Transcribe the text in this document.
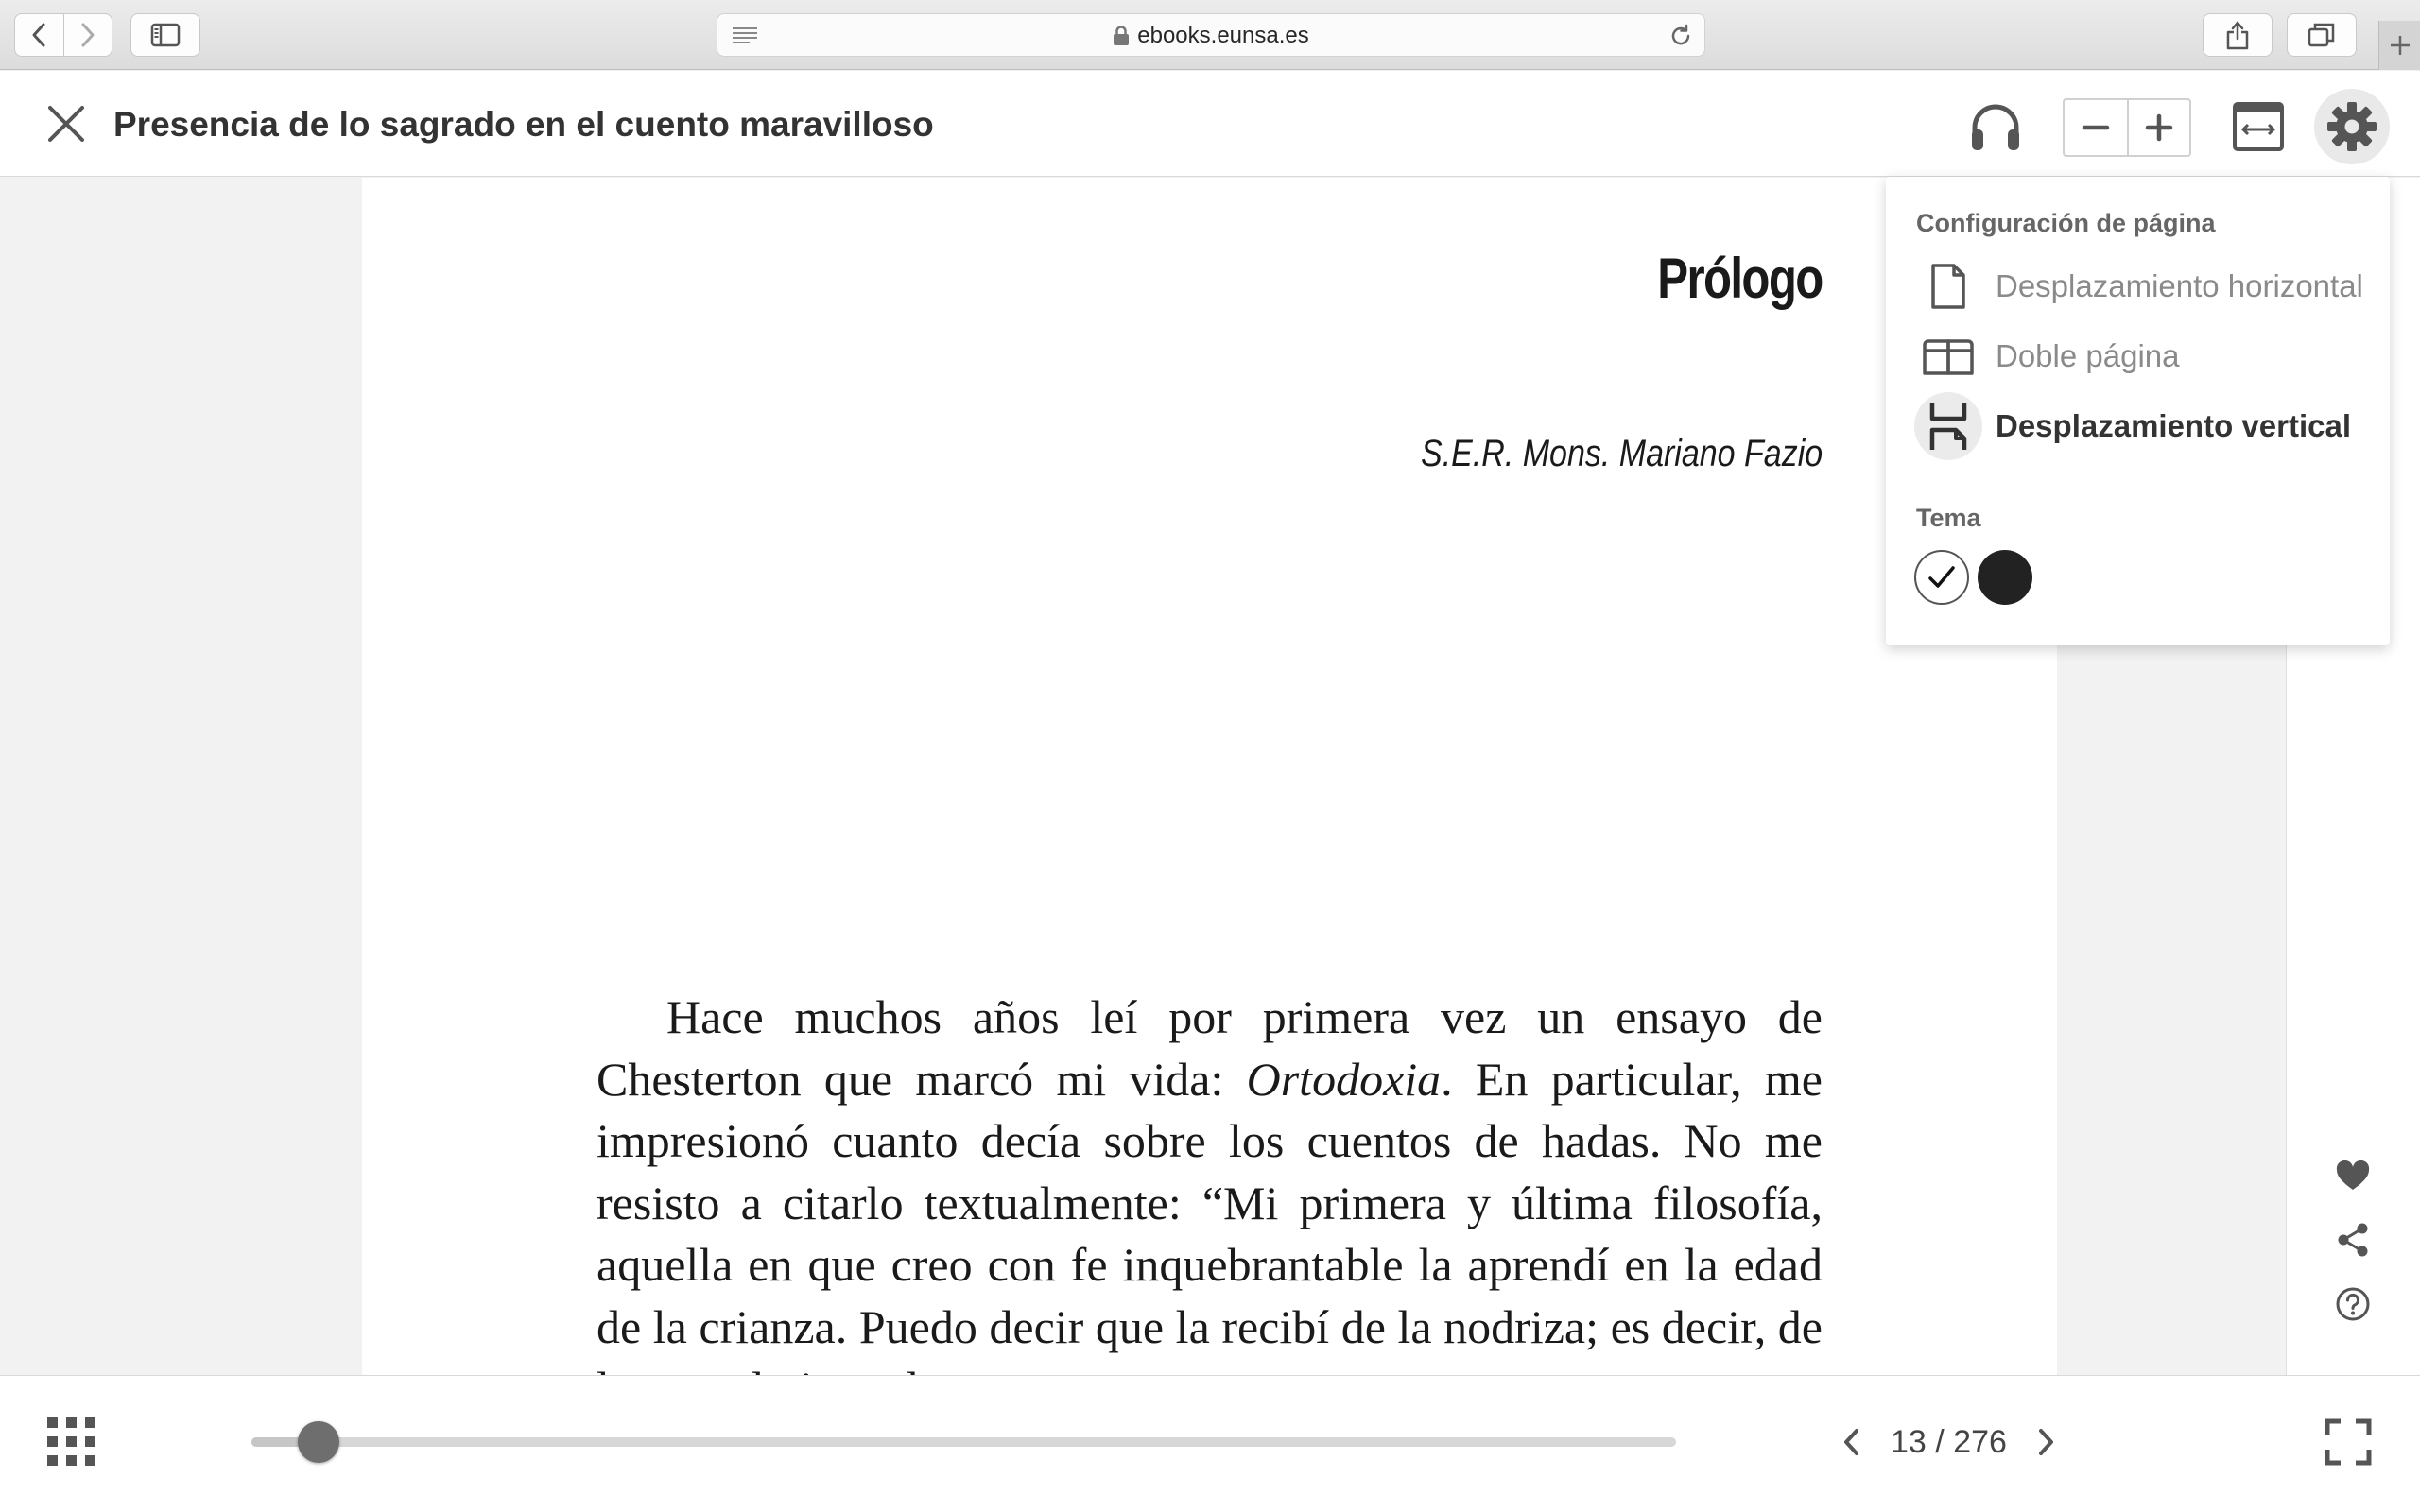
ebooks.eunsa.es
Presencia de lo sagrado en el cuento maravilloso
Prólogo
S.E.R. Mons. Mariano Fazio

Hace muchos años leí por primera vez un ensayo de Chesterton que marcó mi vida: Ortodoxia. En particular, me impresionó cuanto decía sobre los cuentos de hadas. No me resisto a citarlo textualmente: “Mi primera y última filosofía, aquella en que creo con fe inquebrantable la aprendí en la edad de la crianza. Puedo decir que la recibí de la nodriza; es decir, de

Configuración de página
Desplazamiento horizontal
Doble página
Desplazamiento vertical
Tema
13 / 276
